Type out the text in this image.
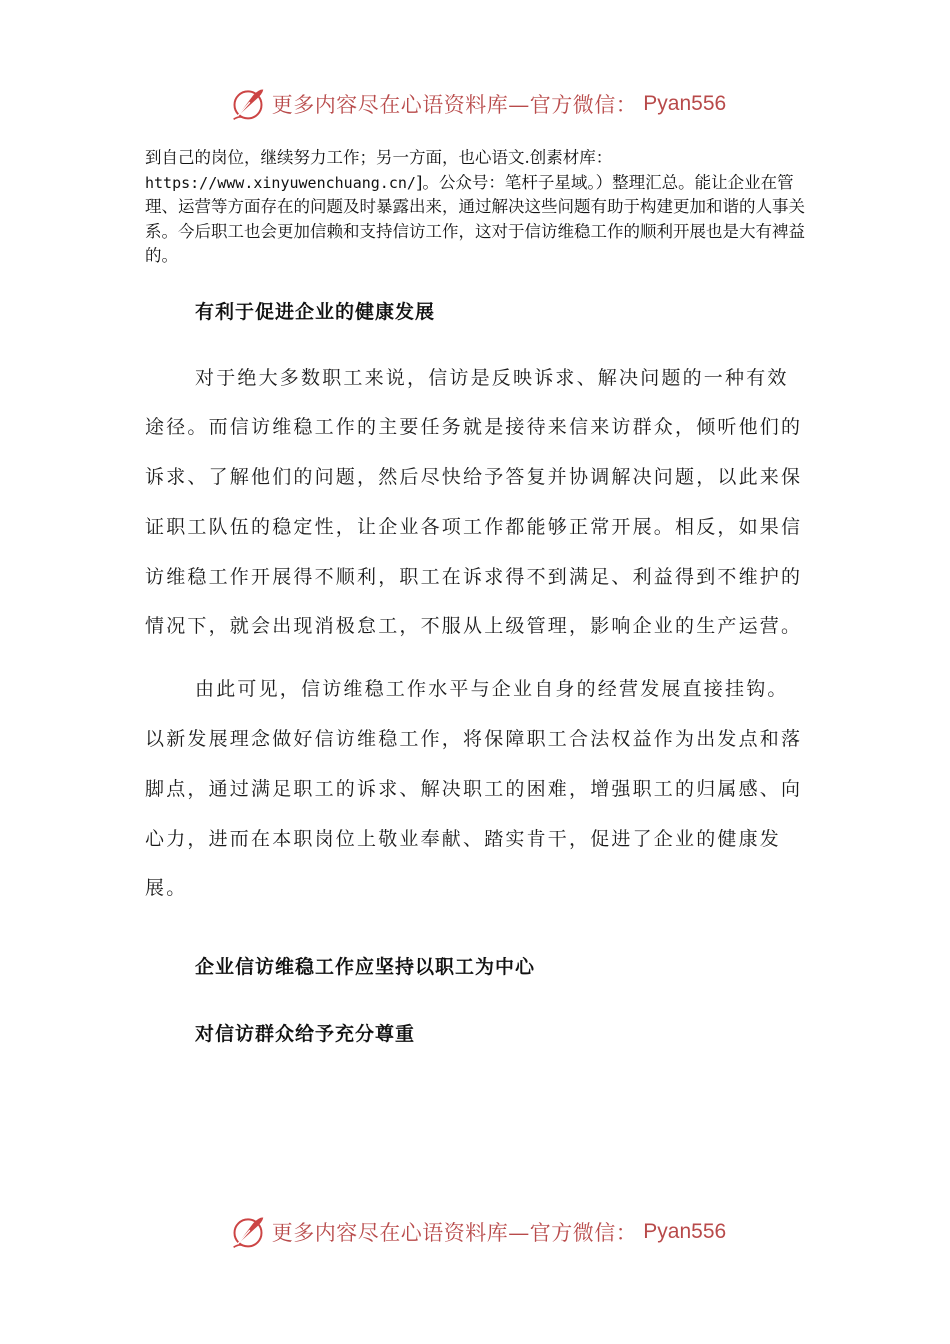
更多内容尽在心语资料库—官方微信： Pyan556

到自己的岗位，继续努力工作；另一方面，也心语文.创素材库：https://www.xinyuwenchuang.cn/]。公众号：笔杆子星域。）整理汇总。能让企业在管理、运营等方面存在的问题及时暴露出来，通过解决这些问题有助于构建更加和谐的人事关系。今后职工也会更加信赖和支持信访工作，这对于信访维稳工作的顺利开展也是大有裨益的。

有利于促进企业的健康发展

对于绝大多数职工来说，信访是反映诉求、解决问题的一种有效途径。而信访维稳工作的主要任务就是接待来信来访群众，倾听他们的诉求、了解他们的问题，然后尽快给予答复并协调解决问题，以此来保证职工队伍的稳定性，让企业各项工作都能够正常开展。相反，如果信访维稳工作开展得不顺利，职工在诉求得不到满足、利益得到不维护的情况下，就会出现消极怠工，不服从上级管理，影响企业的生产运营。

由此可见，信访维稳工作水平与企业自身的经营发展直接挂钩。以新发展理念做好信访维稳工作，将保障职工合法权益作为出发点和落脚点，通过满足职工的诉求、解决职工的困难，增强职工的归属感、向心力，进而在本职岗位上敬业奉献、踏实肯干，促进了企业的健康发展。

企业信访维稳工作应坚持以职工为中心

对信访群众给予充分尊重

更多内容尽在心语资料库—官方微信： Pyan556
